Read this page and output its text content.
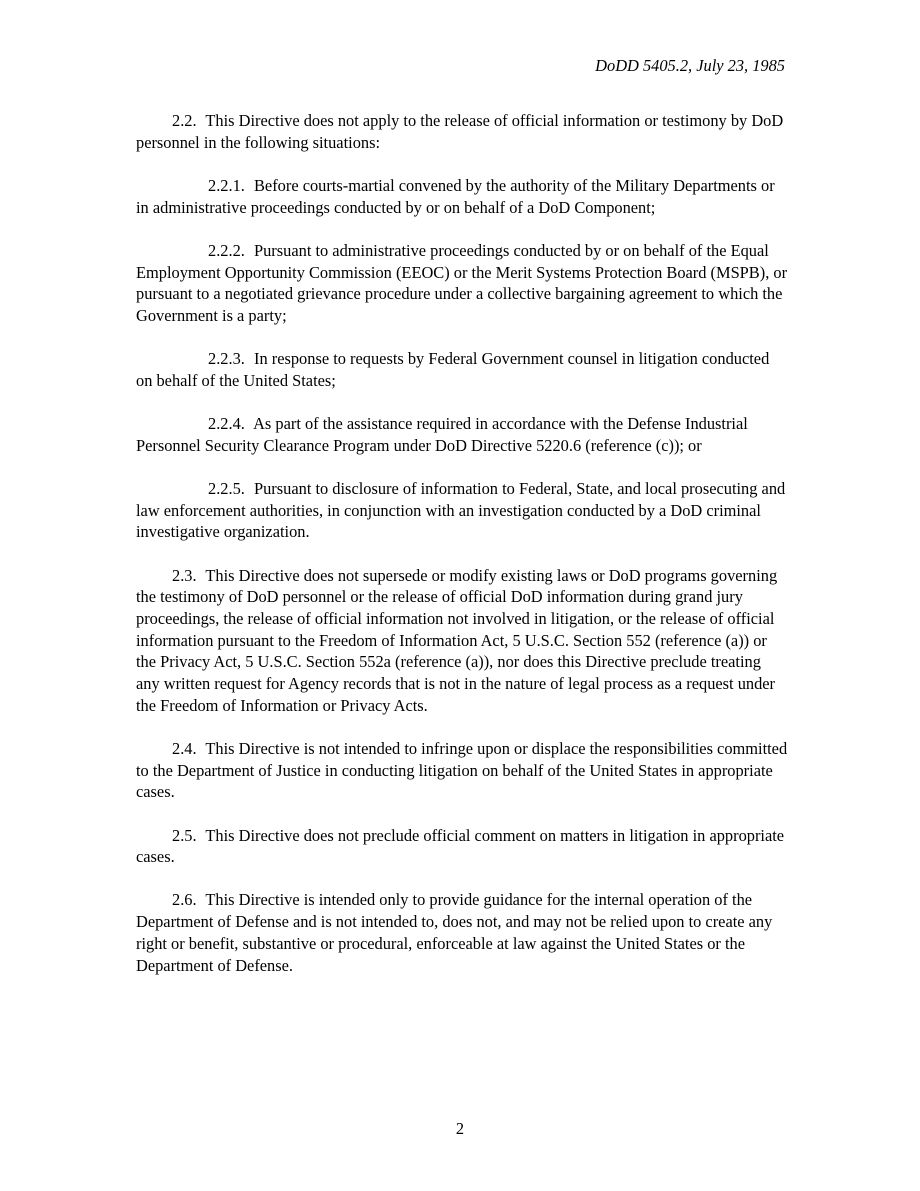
DoDD 5405.2, July 23, 1985

2.2. This Directive does not apply to the release of official information or testimony by DoD personnel in the following situations:

2.2.1. Before courts-martial convened by the authority of the Military Departments or in administrative proceedings conducted by or on behalf of a DoD Component;

2.2.2. Pursuant to administrative proceedings conducted by or on behalf of the Equal Employment Opportunity Commission (EEOC) or the Merit Systems Protection Board (MSPB), or pursuant to a negotiated grievance procedure under a collective bargaining agreement to which the Government is a party;

2.2.3. In response to requests by Federal Government counsel in litigation conducted on behalf of the United States;

2.2.4. As part of the assistance required in accordance with the Defense Industrial Personnel Security Clearance Program under DoD Directive 5220.6 (reference (c)); or

2.2.5. Pursuant to disclosure of information to Federal, State, and local prosecuting and law enforcement authorities, in conjunction with an investigation conducted by a DoD criminal investigative organization.

2.3. This Directive does not supersede or modify existing laws or DoD programs governing the testimony of DoD personnel or the release of official DoD information during grand jury proceedings, the release of official information not involved in litigation, or the release of official information pursuant to the Freedom of Information Act, 5 U.S.C. Section 552 (reference (a)) or the Privacy Act, 5 U.S.C. Section 552a (reference (a)), nor does this Directive preclude treating any written request for Agency records that is not in the nature of legal process as a request under the Freedom of Information or Privacy Acts.

2.4. This Directive is not intended to infringe upon or displace the responsibilities committed to the Department of Justice in conducting litigation on behalf of the United States in appropriate cases.

2.5. This Directive does not preclude official comment on matters in litigation in appropriate cases.

2.6. This Directive is intended only to provide guidance for the internal operation of the Department of Defense and is not intended to, does not, and may not be relied upon to create any right or benefit, substantive or procedural, enforceable at law against the United States or the Department of Defense.

2
